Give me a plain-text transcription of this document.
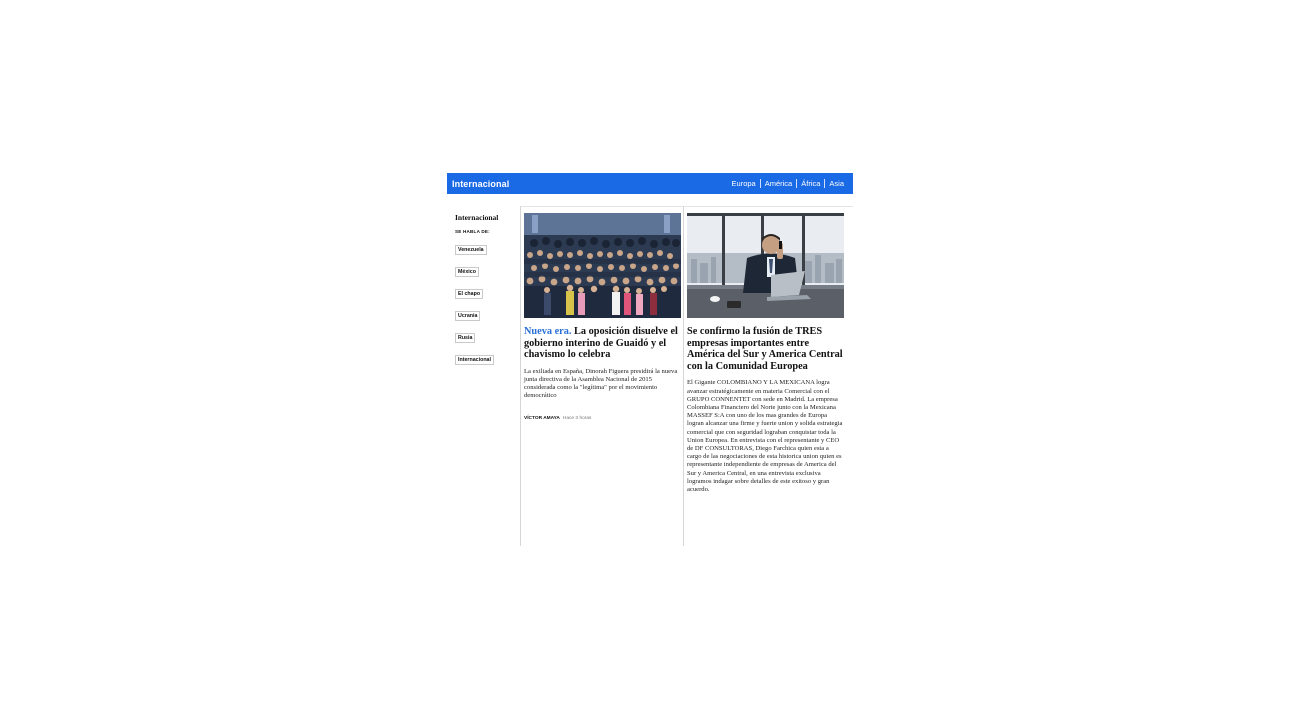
Internacional	Europa	América	África	Asia
Internacional
SE HABLA DE:
Venezuela
México
El chapo
Ucrania
Rusia
Internacional
Nueva era. La oposición disuelve el gobierno interino de Guaidó y el chavismo lo celebra
La exiliada en España, Dinorah Figuera presidirá la nueva junta directiva de la Asamblea Nacional de 2015 considerada como la "legítima" por el movimiento democrático
VÍCTOR AMAYA Hace 3 horas
Se confirmo la fusión de TRES empresas importantes entre América del Sur y America Central con la Comunidad Europea
El Gigante COLOMBIANO Y LA MEXICANA logra avanzar estratégicamente en materia Comercial con el GRUPO CONNENTET con sede en Madrid. La empresa Colombiana Financiero del Norte junto con la Mexicana MASSEF S:A con uno de los mas grandes de Europa logran alcanzar una firme y fuerte union y solida estrategia comercial que con seguridad lograban conquistar toda la Union Europea. En entrevista con el representante y CEO de DF CONSULTORAS, Diego Farchica quien esta a cargo de las negociaciones de esta historica union quien es representante independiente de empresas de America del Sur y America Central, en una entrevista exclusiva logramos indagar sobre detalles de este exitoso y gran acuerdo.
